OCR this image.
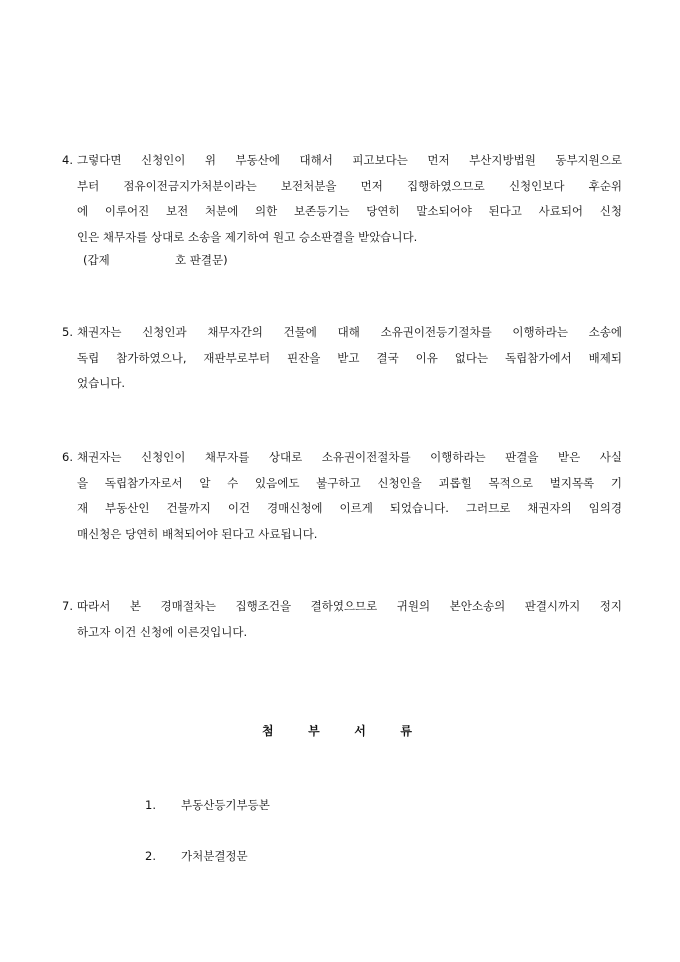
4. 그렇다면 신청인이 위 부동산에 대해서 피고보다는 먼저 부산지방법원 동부지원으로
부터 점유이전금지가처분이라는 보전처분을 먼저 집행하였으므로 신청인보다 후순위
에 이루어진 보전 처분에 의한 보존등기는 당연히 말소되어야 된다고 사료되어 신청
인은 채무자를 상대로 소송을 제기하여 원고 승소판결을 받았습니다.
(갑제	호 판결문)
5. 채권자는 신청인과 채무자간의 건물에 대해 소유권이전등기절차를 이행하라는 소송에
독립 참가하였으나, 재판부로부터 핀잔을 받고 결국 이유 없다는 독립참가에서 배제되
었습니다.
6. 채권자는 신청인이 채무자를 상대로 소유권이전절차를 이행하라는 판결을 받은 사실
을 독립참가자로서 알 수 있음에도 불구하고 신청인을 괴롭힐 목적으로 벌지목록 기
재 부동산인 건물까지 이건 경매신청에 이르게 되었습니다. 그러므로 채권자의 임의경
매신청은 당연히 배척되어야 된다고 사료됩니다.
7. 따라서 본 경매절차는 집행조건을 결하였으므로 귀원의 본안소송의 판결시까지 정지
하고자 이건 신청에 이른것입니다.
첨	부	서	류
1. 부동산등기부등본
2. 가처분결정문
